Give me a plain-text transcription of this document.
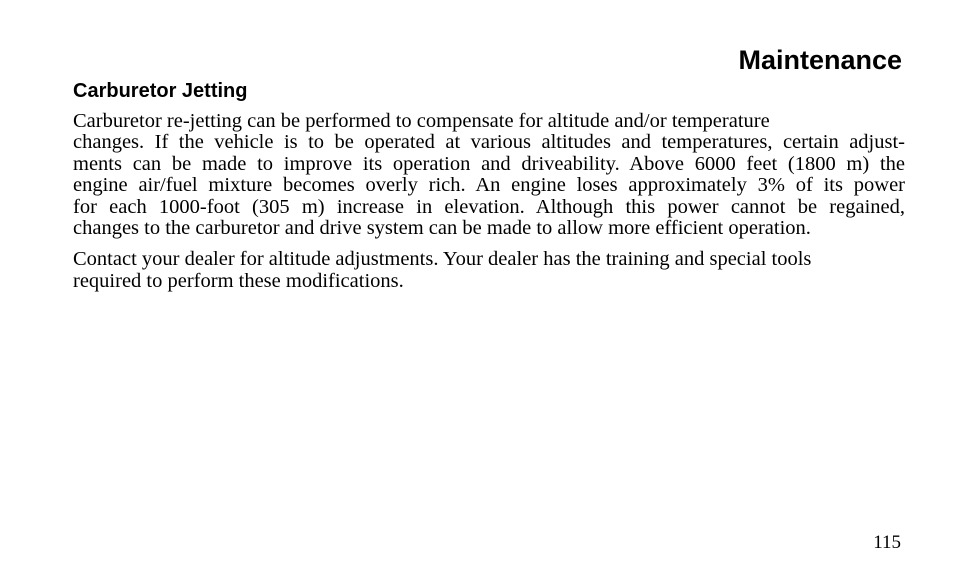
Maintenance
Carburetor Jetting

Carburetor re-jetting can be performed to compensate for altitude and/or temperature
changes. If the vehicle is to be operated at various altitudes and temperatures, certain adjust-
ments can be made to improve its operation and driveability. Above 6000 feet (1800 m) the
engine air/fuel mixture becomes overly rich. An engine loses approximately 3% of its power
for each 1000-foot (305 m) increase in elevation. Although this power cannot be regained,
changes to the carburetor and drive system can be made to allow more efficient operation.

Contact your dealer for altitude adjustments. Your dealer has the training and special tools
required to perform these modifications.

115
